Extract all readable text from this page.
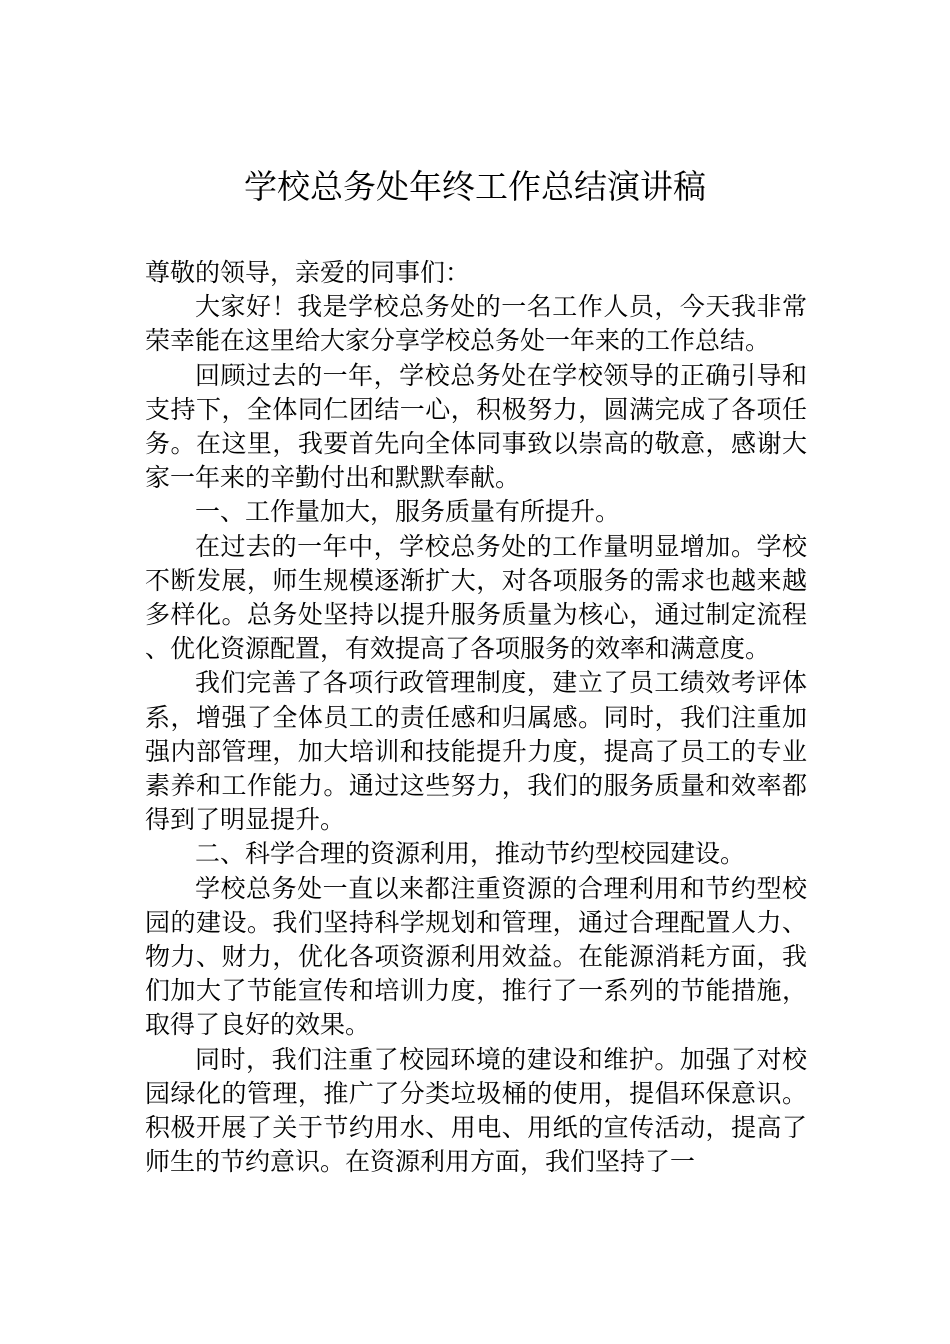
学校总务处年终工作总结演讲稿

尊敬的领导，亲爱的同事们：

大家好！我是学校总务处的一名工作人员，今天我非常荣幸能在这里给大家分享学校总务处一年来的工作总结。

回顾过去的一年，学校总务处在学校领导的正确引导和支持下，全体同仁团结一心，积极努力，圆满完成了各项任务。在这里，我要首先向全体同事致以崇高的敬意，感谢大家一年来的辛勤付出和默默奉献。

一、工作量加大，服务质量有所提升。

在过去的一年中，学校总务处的工作量明显增加。学校不断发展，师生规模逐渐扩大，对各项服务的需求也越来越多样化。总务处坚持以提升服务质量为核心，通过制定流程、优化资源配置，有效提高了各项服务的效率和满意度。

我们完善了各项行政管理制度，建立了员工绩效考评体系，增强了全体员工的责任感和归属感。同时，我们注重加强内部管理，加大培训和技能提升力度，提高了员工的专业素养和工作能力。通过这些努力，我们的服务质量和效率都得到了明显提升。

二、科学合理的资源利用，推动节约型校园建设。

学校总务处一直以来都注重资源的合理利用和节约型校园的建设。我们坚持科学规划和管理，通过合理配置人力、物力、财力，优化各项资源利用效益。在能源消耗方面，我们加大了节能宣传和培训力度，推行了一系列的节能措施，取得了良好的效果。

同时，我们注重了校园环境的建设和维护。加强了对校园绿化的管理，推广了分类垃圾桶的使用，提倡环保意识。积极开展了关于节约用水、用电、用纸的宣传活动，提高了师生的节约意识。在资源利用方面，我们坚持了一
